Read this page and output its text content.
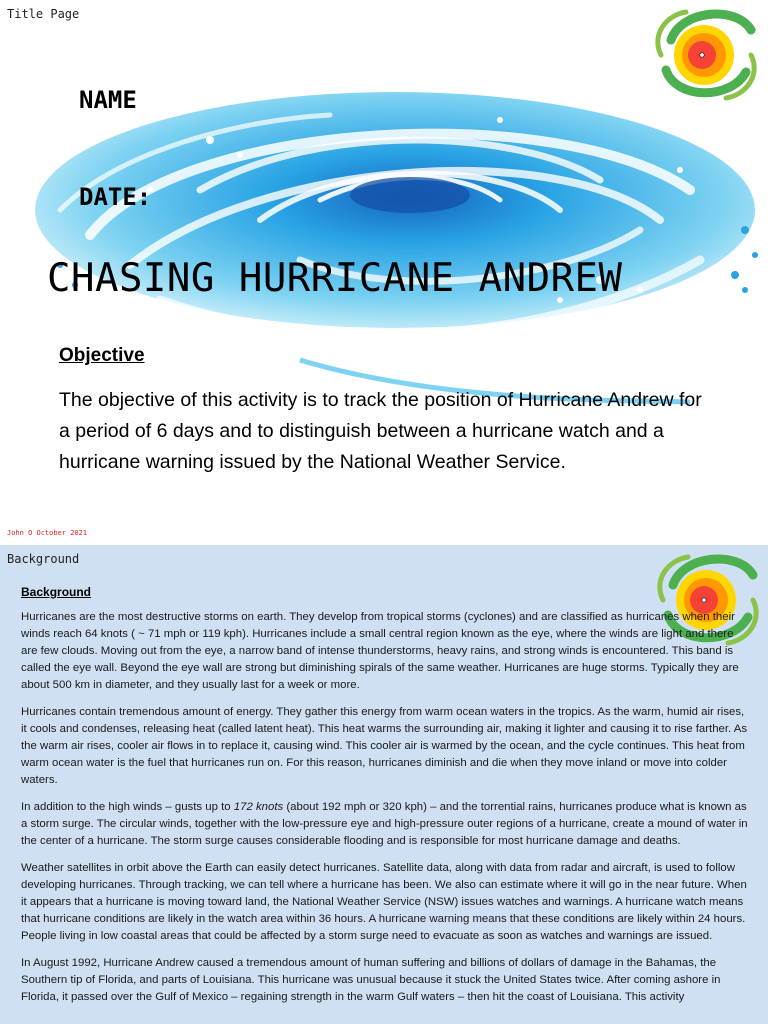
Title Page
NAME
DATE:
CHASING HURRICANE ANDREW
Objective
The objective of this activity is to track the position of Hurricane Andrew for a period of 6 days and to distinguish between a hurricane watch and a hurricane warning issued by the National Weather Service.
John O October 2021
Background
Background

Hurricanes are the most destructive storms on earth. They develop from tropical storms (cyclones) and are classified as hurricanes when their winds reach 64 knots ( ~ 71 mph or 119 kph). Hurricanes include a small central region known as the eye, where the winds are light and there are few clouds. Moving out from the eye, a narrow band of intense thunderstorms, heavy rains, and strong winds is encountered. This band is called the eye wall. Beyond the eye wall are strong but diminishing spirals of the same weather. Hurricanes are huge storms. Typically they are about 500 km in diameter, and they usually last for a week or more.

Hurricanes contain tremendous amount of energy. They gather this energy from warm ocean waters in the tropics. As the warm, humid air rises, it cools and condenses, releasing heat (called latent heat). This heat warms the surrounding air, making it lighter and causing it to rise farther. As the warm air rises, cooler air flows in to replace it, causing wind. This cooler air is warmed by the ocean, and the cycle continues. This heat from warm ocean water is the fuel that hurricanes run on. For this reason, hurricanes diminish and die when they move inland or move into colder waters.

In addition to the high winds – gusts up to 172 knots (about 192 mph or 320 kph) – and the torrential rains, hurricanes produce what is known as a storm surge. The circular winds, together with the low-pressure eye and high-pressure outer regions of a hurricane, create a mound of water in the center of a hurricane. The storm surge causes considerable flooding and is responsible for most hurricane damage and deaths.

Weather satellites in orbit above the Earth can easily detect hurricanes. Satellite data, along with data from radar and aircraft, is used to follow developing hurricanes. Through tracking, we can tell where a hurricane has been. We also can estimate where it will go in the near future. When it appears that a hurricane is moving toward land, the National Weather Service (NSW) issues watches and warnings. A hurricane watch means that hurricane conditions are likely in the watch area within 36 hours. A hurricane warning means that these conditions are likely within 24 hours. People living in low coastal areas that could be affected by a storm surge need to evacuate as soon as watches and warnings are issued.

In August 1992, Hurricane Andrew caused a tremendous amount of human suffering and billions of dollars of damage in the Bahamas, the Southern tip of Florida, and parts of Louisiana. This hurricane was unusual because it stuck the United States twice. After coming ashore in Florida, it passed over the Gulf of Mexico – regaining strength in the warm Gulf waters – then hit the coast of Louisiana. This activity
